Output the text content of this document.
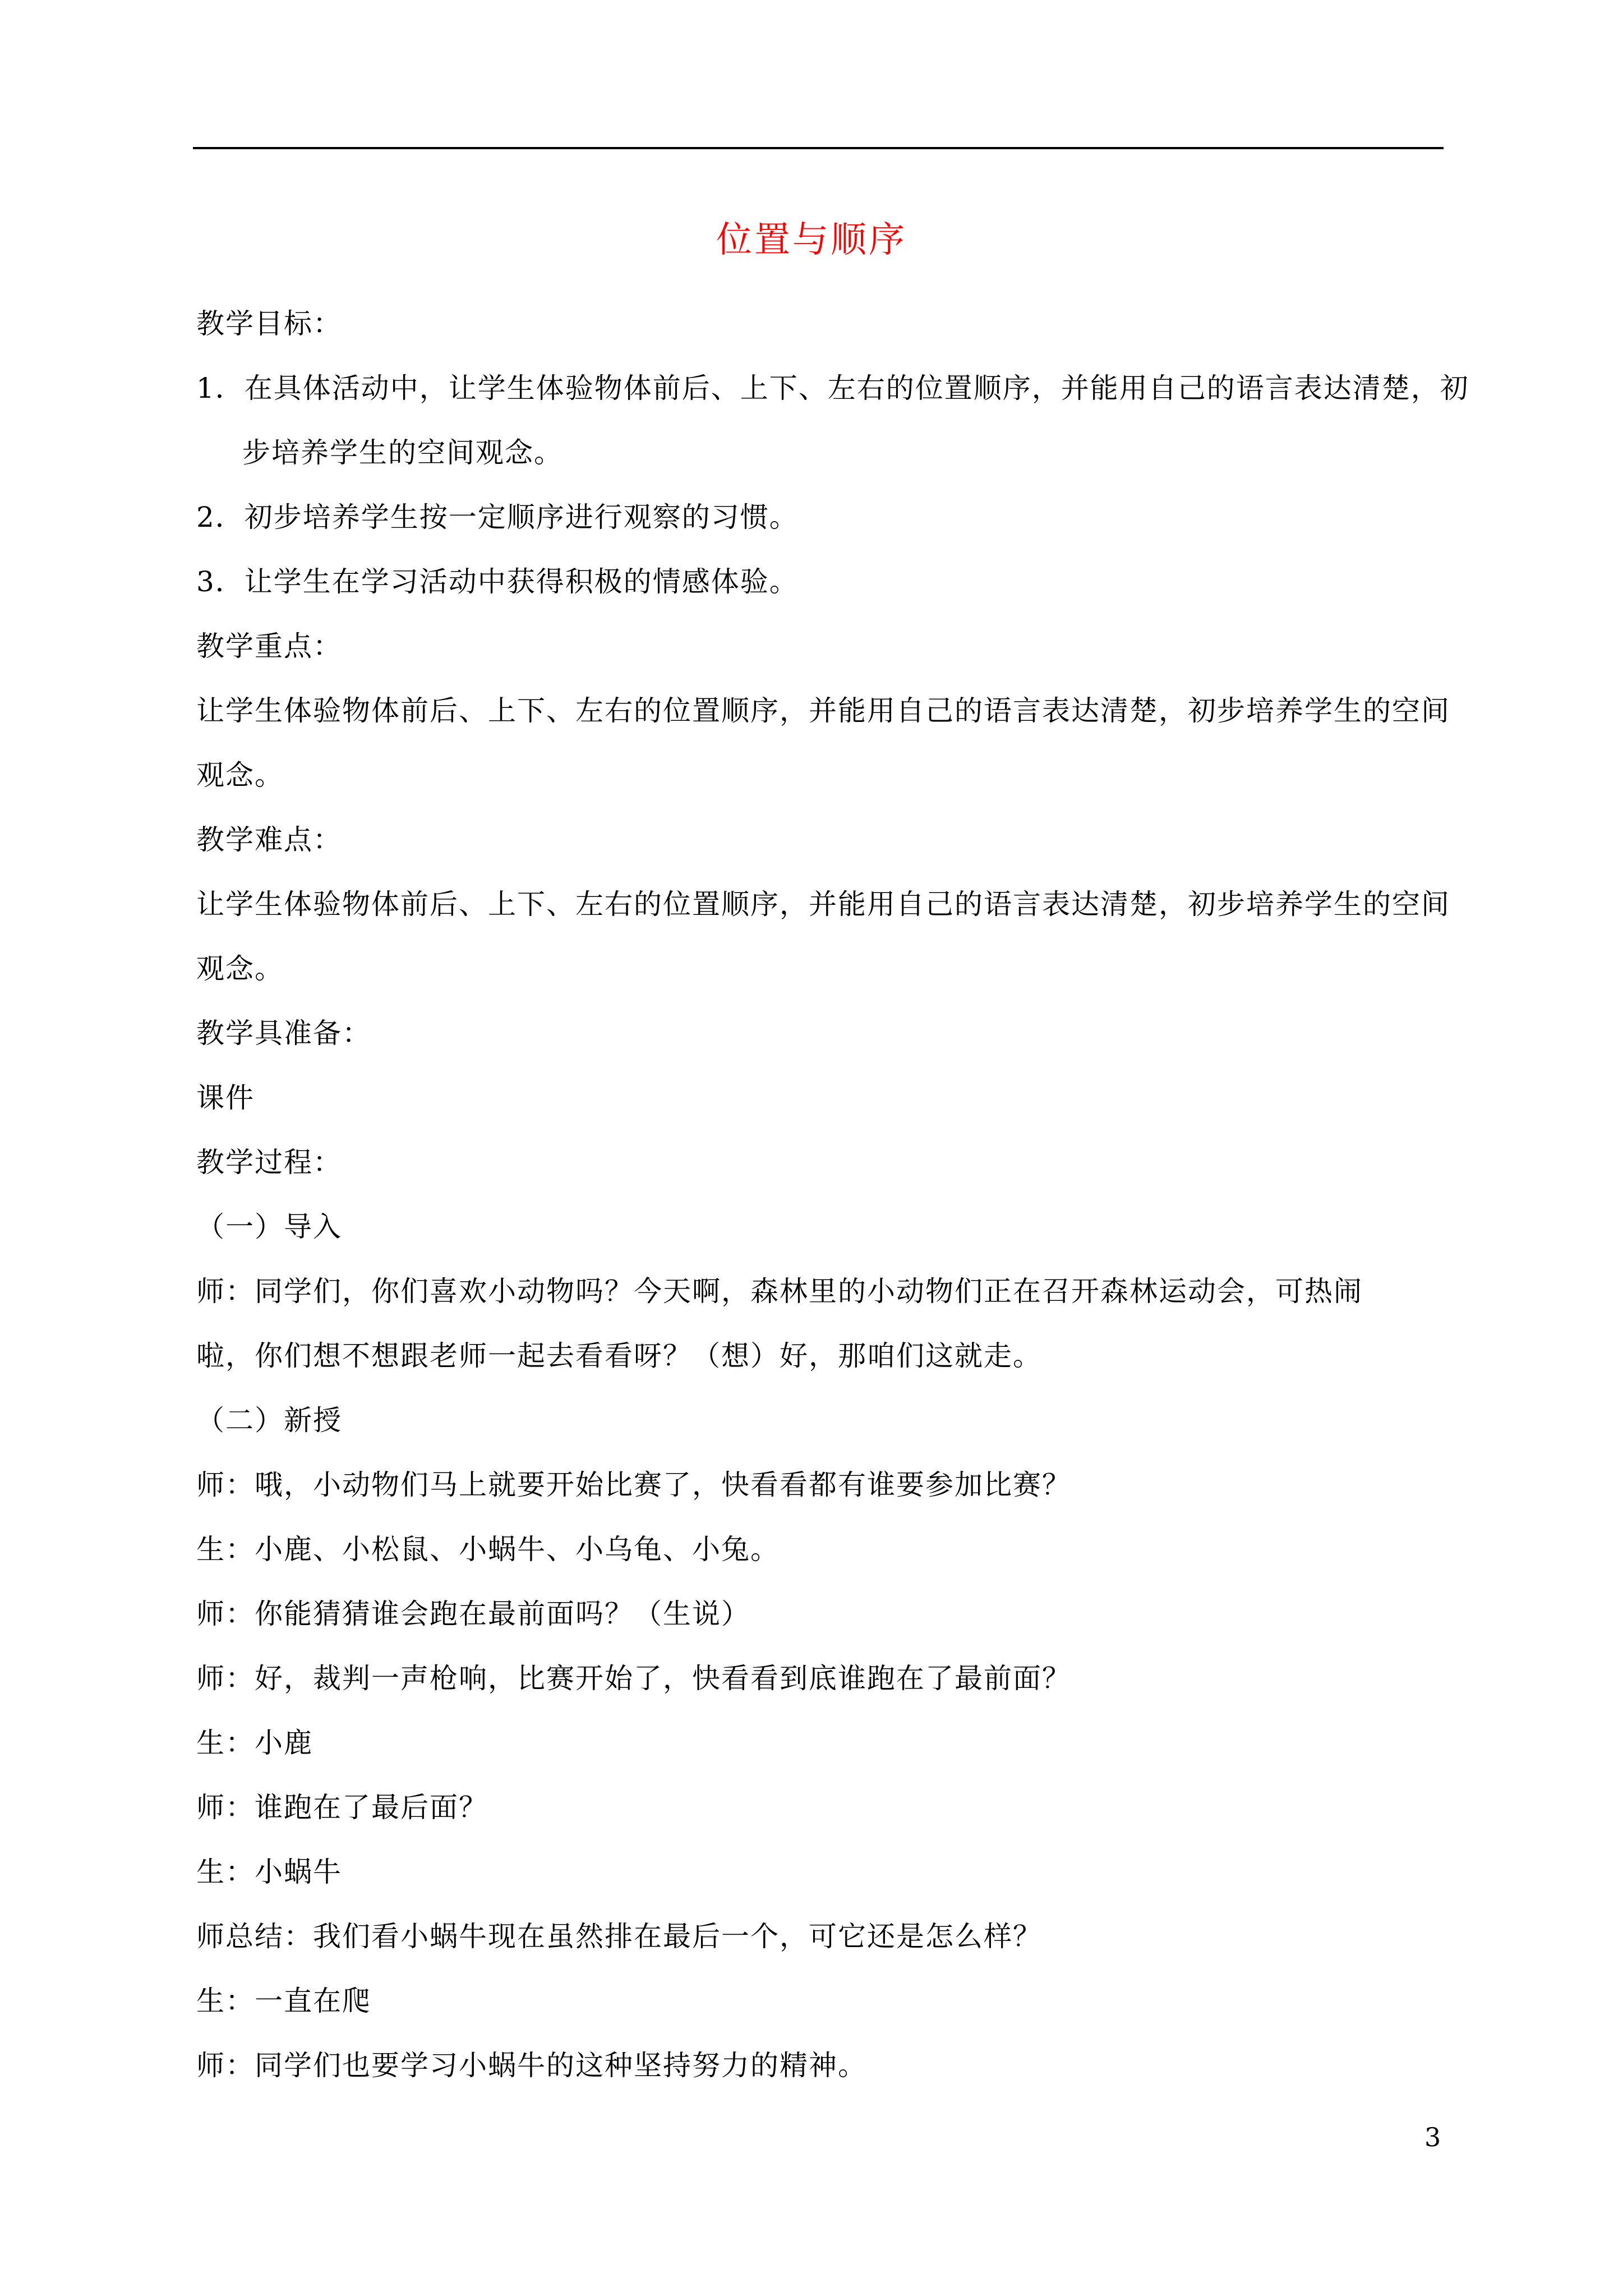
位置与顺序
教学目标：
1．在具体活动中，让学生体验物体前后、上下、左右的位置顺序，并能用自己的语言表达清楚，初
步培养学生的空间观念。
2．初步培养学生按一定顺序进行观察的习惯。
3．让学生在学习活动中获得积极的情感体验。
教学重点：
让学生体验物体前后、上下、左右的位置顺序，并能用自己的语言表达清楚，初步培养学生的空间
观念。
教学难点：
让学生体验物体前后、上下、左右的位置顺序，并能用自己的语言表达清楚，初步培养学生的空间
观念。
教学具准备：
课件
教学过程：
（一）导入
师：同学们，你们喜欢小动物吗？今天啊，森林里的小动物们正在召开森林运动会，可热闹
啦，你们想不想跟老师一起去看看呀？（想）好，那咱们这就走。
（二）新授
师：哦，小动物们马上就要开始比赛了，快看看都有谁要参加比赛？
生：小鹿、小松鼠、小蜗牛、小乌龟、小兔。
师：你能猜猜谁会跑在最前面吗？（生说）
师：好，裁判一声枪响，比赛开始了，快看看到底谁跑在了最前面？
生：小鹿
师：谁跑在了最后面？
生：小蜗牛
师总结：我们看小蜗牛现在虽然排在最后一个，可它还是怎么样？
生：一直在爬
师：同学们也要学习小蜗牛的这种坚持努力的精神。
3
